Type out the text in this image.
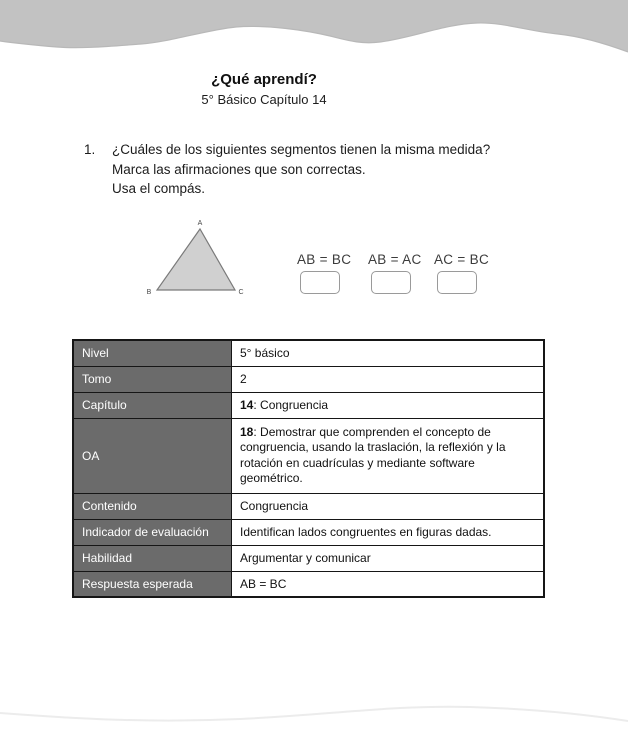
¿Qué aprendí?
5° Básico Capítulo 14
1. ¿Cuáles de los siguientes segmentos tienen la misma medida?
Marca las afirmaciones que son correctas.
Usa el compás.
A
B	C
AB = BC AB = AC AC = BC
Nivel	5° básico
Tomo	2
Capítulo	14: Congruencia
OA	18: Demostrar que comprenden el concepto de congruencia, usando la traslación, la reflexión y la rotación en cuadrículas y mediante software geométrico.
Contenido	Congruencia
Indicador de evaluación	Identifican lados congruentes en figuras dadas.
Habilidad	Argumentar y comunicar
Respuesta esperada	AB = BC
